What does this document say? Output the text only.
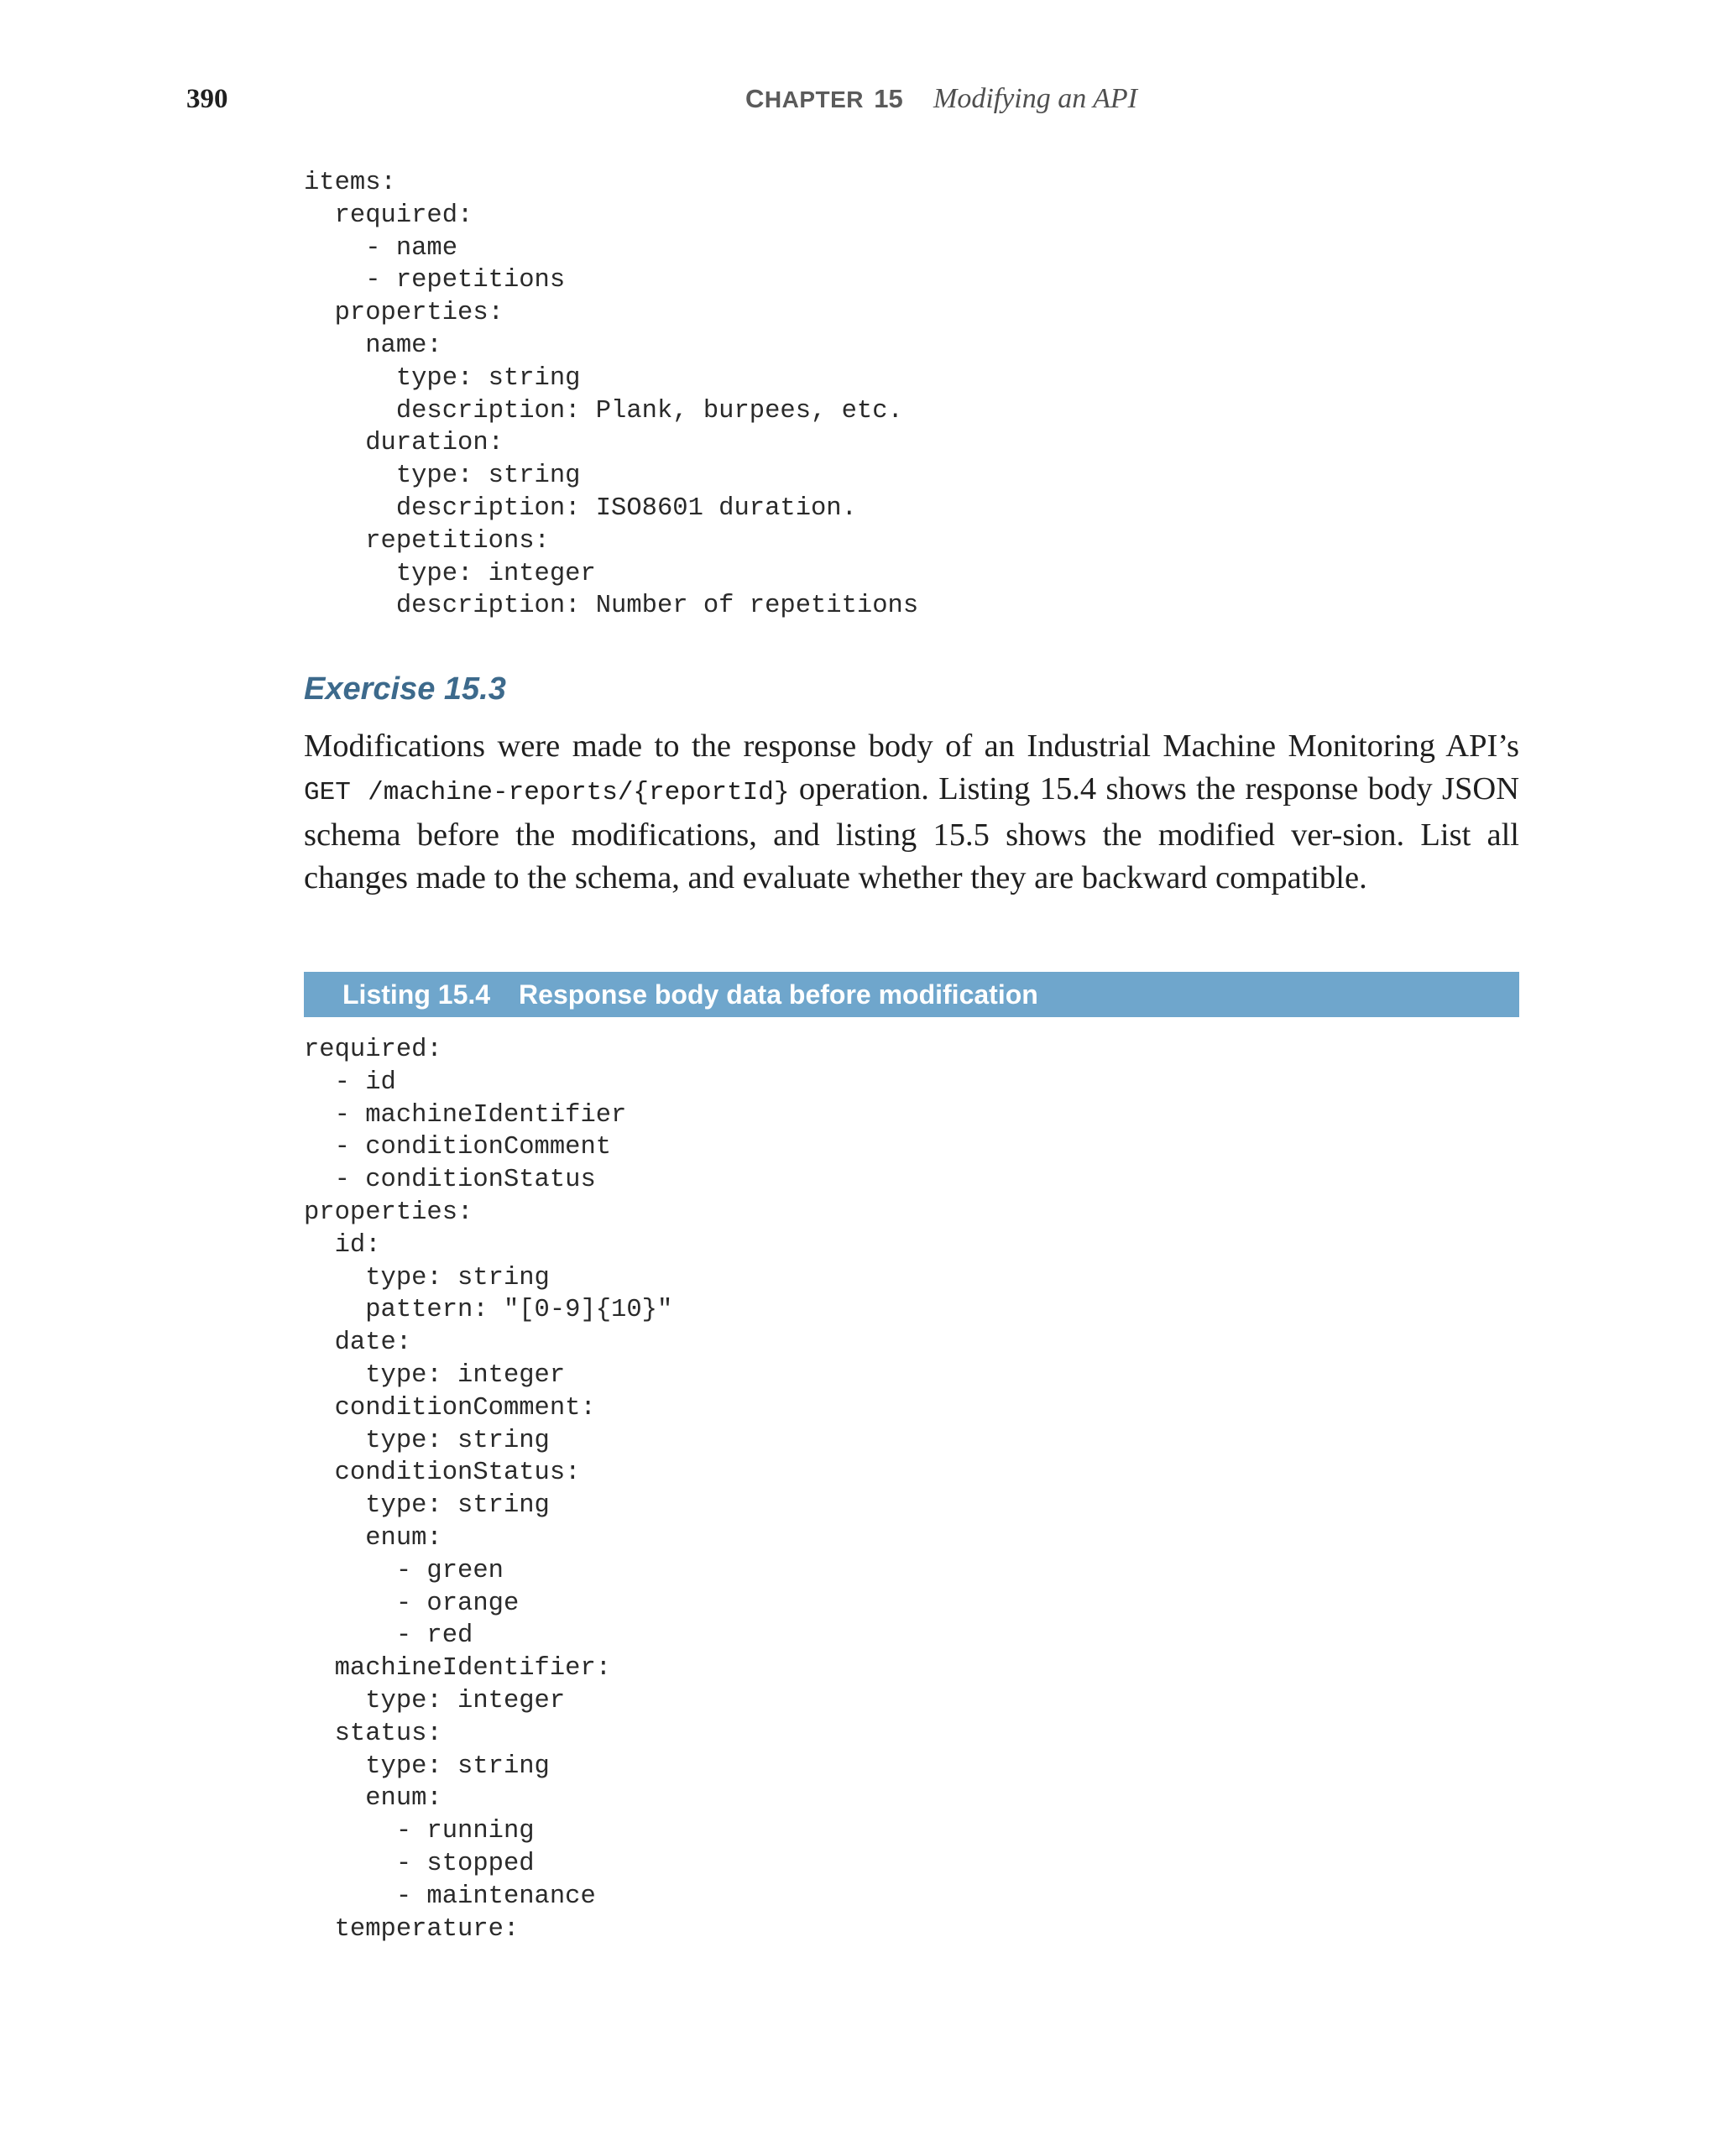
390	CHAPTER 15 Modifying an API
items:
required:
- name
- repetitions
properties:
name:
type: string
description: Plank, burpees, etc.
duration:
type: string
description: ISO8601 duration.
repetitions:
type: integer
description: Number of repetitions
Exercise 15.3

Modifications were made to the response body of an Industrial Machine Monitoring API’s GET /machine-reports/{reportId} operation. Listing 15.4 shows the response body JSON schema before the modifications, and listing 15.5 shows the modified ver-sion. List all changes made to the schema, and evaluate whether they are backward compatible.

Listing 15.4 Response body data before modification
required:
- id
- machineIdentifier
- conditionComment
- conditionStatus
properties:
id:
type: string
pattern: "[0-9]{10}"
date:
type: integer
conditionComment:
type: string
conditionStatus:
type: string
enum:
- green
- orange
- red
machineIdentifier:
type: integer
status:
type: string
enum:
- running
- stopped
- maintenance
temperature:
